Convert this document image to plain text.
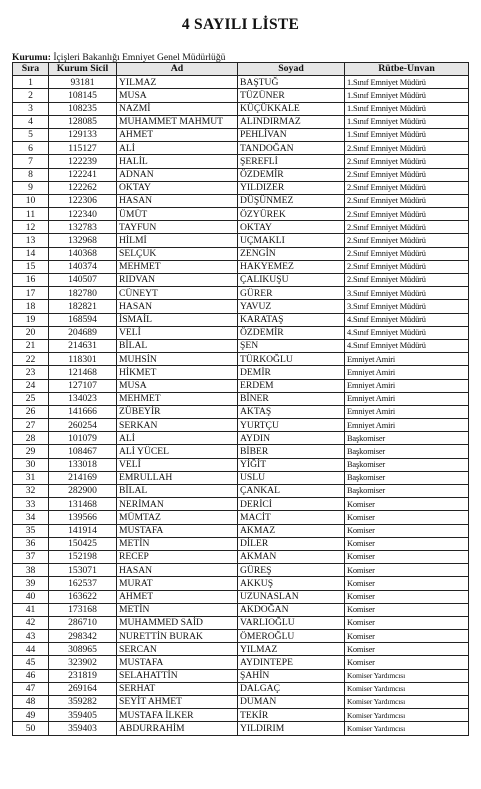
4 SAYILI LİSTE
Kurumu: İçişleri Bakanlığı Emniyet Genel Müdürlüğü
Sıra	Kurum Sicil	Ad	Soyad	Rütbe-Unvan
1	93181	YILMAZ	BAŞTUĞ	1.Sınıf Emniyet Müdürü
2	108145	MUSA	TÜZÜNER	1.Sınıf Emniyet Müdürü
3	108235	NAZMİ	KÜÇÜKKALE	1.Sınıf Emniyet Müdürü
4	128085	MUHAMMET MAHMUT	ALINDIRMAZ	1.Sınıf Emniyet Müdürü
5	129133	AHMET	PEHLİVAN	1.Sınıf Emniyet Müdürü
6	115127	ALİ	TANDOĞAN	2.Sınıf Emniyet Müdürü
7	122239	HALİL	ŞEREFLİ	2.Sınıf Emniyet Müdürü
8	122241	ADNAN	ÖZDEMİR	2.Sınıf Emniyet Müdürü
9	122262	OKTAY	YILDIZER	2.Sınıf Emniyet Müdürü
10	122306	HASAN	DÜŞÜNMEZ	2.Sınıf Emniyet Müdürü
11	122340	ÜMÜT	ÖZYÜREK	2.Sınıf Emniyet Müdürü
12	132783	TAYFUN	OKTAY	2.Sınıf Emniyet Müdürü
13	132968	HİLMİ	UÇMAKLI	2.Sınıf Emniyet Müdürü
14	140368	SELÇUK	ZENGİN	2.Sınıf Emniyet Müdürü
15	140374	MEHMET	HAKYEMEZ	2.Sınıf Emniyet Müdürü
16	140507	RIDVAN	ÇALIKUŞU	2.Sınıf Emniyet Müdürü
17	182780	CÜNEYT	GÜRER	3.Sınıf Emniyet Müdürü
18	182821	HASAN	YAVUZ	3.Sınıf Emniyet Müdürü
19	168594	İSMAİL	KARATAŞ	4.Sınıf Emniyet Müdürü
20	204689	VELİ	ÖZDEMİR	4.Sınıf Emniyet Müdürü
21	214631	BİLAL	ŞEN	4.Sınıf Emniyet Müdürü
22	118301	MUHSİN	TÜRKOĞLU	Emniyet Amiri
23	121468	HİKMET	DEMİR	Emniyet Amiri
24	127107	MUSA	ERDEM	Emniyet Amiri
25	134023	MEHMET	BİNER	Emniyet Amiri
26	141666	ZÜBEYİR	AKTAŞ	Emniyet Amiri
27	260254	SERKAN	YURTÇU	Emniyet Amiri
28	101079	ALİ	AYDIN	Başkomiser
29	108467	ALİ YÜCEL	BİBER	Başkomiser
30	133018	VELİ	YİĞİT	Başkomiser
31	214169	EMRULLAH	USLU	Başkomiser
32	282900	BİLAL	ÇANKAL	Başkomiser
33	131468	NERİMAN	DERİCİ	Komiser
34	139566	MÜMTAZ	MACİT	Komiser
35	141914	MUSTAFA	AKMAZ	Komiser
36	150425	METİN	DİLER	Komiser
37	152198	RECEP	AKMAN	Komiser
38	153071	HASAN	GÜREŞ	Komiser
39	162537	MURAT	AKKUŞ	Komiser
40	163622	AHMET	UZUNASLAN	Komiser
41	173168	METİN	AKDOĞAN	Komiser
42	286710	MUHAMMED SAİD	VARLIOĞLU	Komiser
43	298342	NURETTİN BURAK	ÖMEROĞLU	Komiser
44	308965	SERCAN	YILMAZ	Komiser
45	323902	MUSTAFA	AYDINTEPE	Komiser
46	231819	SELAHATTİN	ŞAHİN	Komiser Yardımcısı
47	269164	SERHAT	DALGAÇ	Komiser Yardımcısı
48	359282	SEYİT AHMET	DUMAN	Komiser Yardımcısı
49	359405	MUSTAFA İLKER	TEKİR	Komiser Yardımcısı
50	359403	ABDURRAHİM	YILDIRIM	Komiser Yardımcısı
